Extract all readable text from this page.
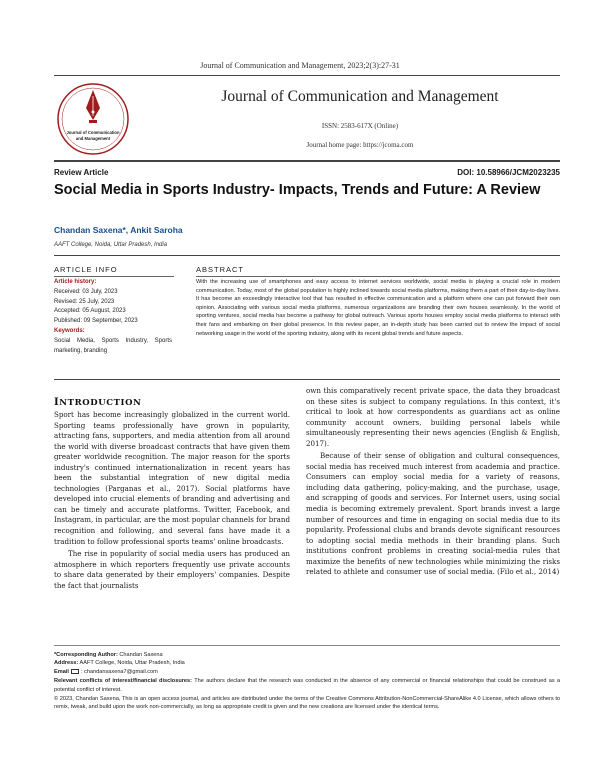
Journal of Communication and Management, 2023;2(3):27-31
Journal of Communication
and Management
Journal of Communication and Management
ISSN: 2583-617X (Online)
Journal home page: https://jcoma.com
Review Article	DOI: 10.58966/JCM2023235
Social Media in Sports Industry- Impacts, Trends and Future: A Review
Chandan Saxena*, Ankit Saroha
AAFT College, Noida, Uttar Pradesh, India
ARTICLE INFO	ABSTRACT
Article history:
Received: 03 July, 2023
Revised: 25 July, 2023
Accepted: 05 August, 2023
Published: 09 September, 2023
Keywords:
Social Media, Sports Industry, Sports marketing, branding
With the increasing use of smartphones and easy access to internet services worldwide, social media is playing a crucial role in modern communication. Today, most of the global population is highly inclined towards social media platforms, making them a part of their day-to-day lives. It has become an exceedingly interactive tool that has resulted in effective communication and a platform where one can put forward their own opinion. Associating with various social media platforms, numerous organizations are branding their own houses seamlessly. In the world of sporting ventures, social media has become a pathway for global outreach. Various sports houses employ social media platforms to interact with their fans and embarking on their global presence. In this review paper, an in-depth study has been carried out to review the impact of social networking usage in the world of the sporting industry, along with its recent global trends and future aspects.
INTRODUCTION

Sport has become increasingly globalized in the current world. Sporting teams professionally have grown in popularity, attracting fans, supporters, and media attention from all around the world with diverse broadcast contracts that have given them greater worldwide recognition. The major reason for the sports industry's continued internationalization in recent years has been the substantial integration of new digital media technologies (Parganas et al., 2017). Social platforms have developed into crucial elements of branding and advertising and can be timely and accurate platforms. Twitter, Facebook, and Instagram, in particular, are the most popular channels for brand recognition and following, and several fans have made it a tradition to follow professional sports teams' online broadcasts.

The rise in popularity of social media users has produced an atmosphere in which reporters frequently use private accounts to share data generated by their employers' companies. Despite the fact that journalists

own this comparatively recent private space, the data they broadcast on these sites is subject to company regulations. In this context, it's critical to look at how correspondents as guardians act as online community account owners, building personal labels while simultaneously representing their news agencies (English & English, 2017).

Because of their sense of obligation and cultural consequences, social media has received much interest from academia and practice. Consumers can employ social media for a variety of reasons, including data gathering, policy-making, and the purchase, usage, and scrapping of goods and services. For Internet users, using social media is becoming extremely prevalent. Sport brands invest a large number of resources and time in engaging on social media due to its popularity. Professional clubs and brands devote significant resources to adopting social media methods in their branding plans. Such institutions confront problems in creating social-media rules that maximize the benefits of new technologies while minimizing the risks related to athlete and consumer use of social media. (Filo et al., 2014)

*Corresponding Author: Chandan Saxena
Address: AAFT College, Noida, Uttar Pradesh, India
Email : chandansaxena7@gmail.com
Relevant conflicts of interest/financial disclosures: The authors declare that the research was conducted in the absence of any commercial or financial relationships that could be construed as a potential conflict of interest.
© 2023, Chandan Saxena, This is an open access journal, and articles are distributed under the terms of the Creative Commons Attribution-NonCommercial-ShareAlike 4.0 License, which allows others to remix, tweak, and build upon the work non-commercially, as long as appropriate credit is given and the new creations are licensed under the identical terms.
